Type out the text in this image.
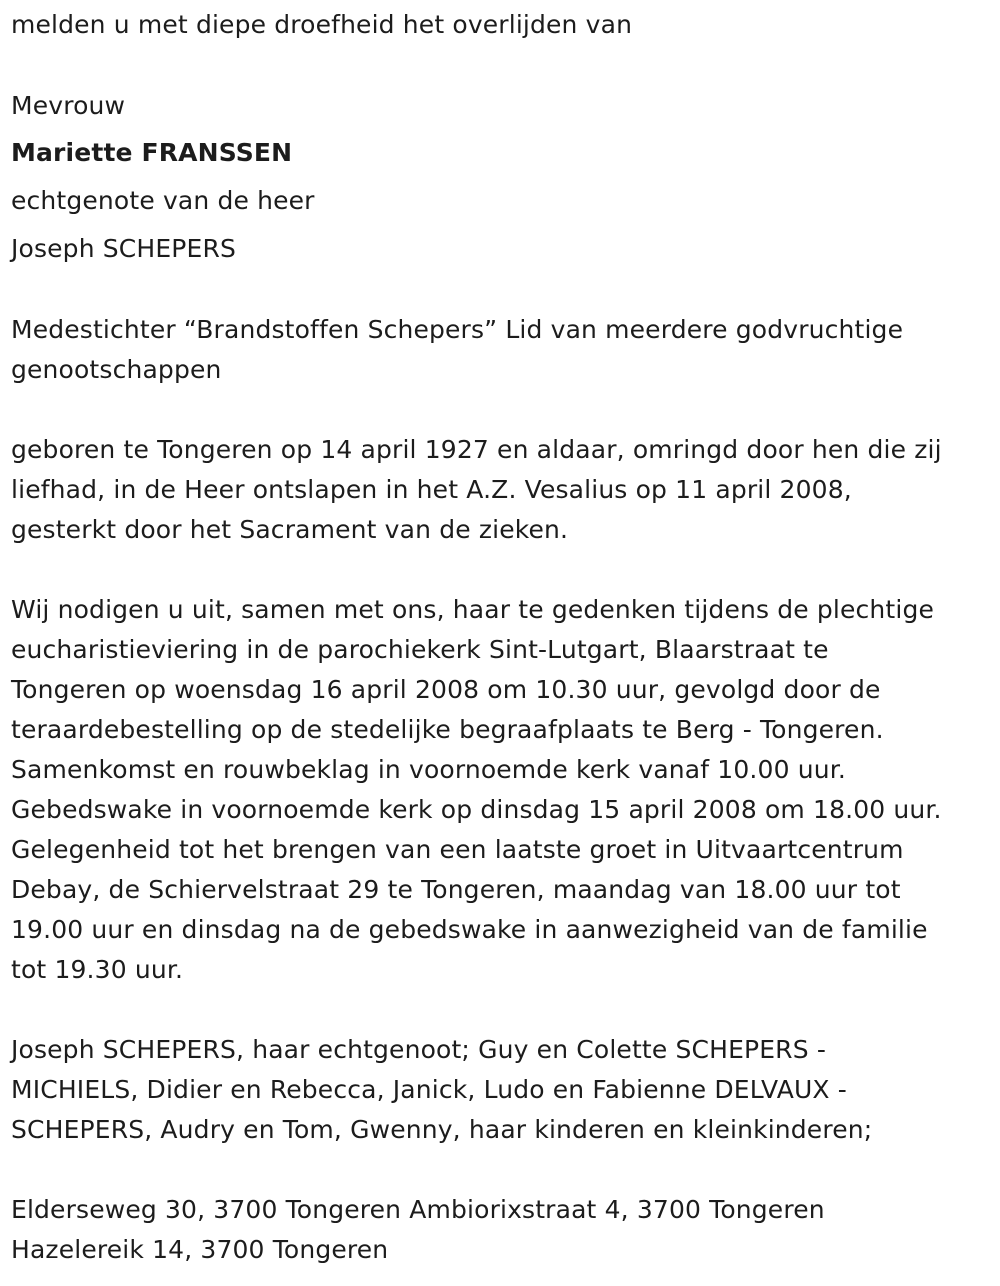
melden u met diepe droefheid het overlijden van
Mevrouw
Mariette FRANSSEN
echtgenote van de heer
Joseph SCHEPERS
Medestichter “Brandstoffen Schepers” Lid van meerdere godvruchtige
genootschappen
geboren te Tongeren op 14 april 1927 en aldaar, omringd door hen die zij
liefhad, in de Heer ontslapen in het A.Z. Vesalius op 11 april 2008,
gesterkt door het Sacrament van de zieken.
Wij nodigen u uit, samen met ons, haar te gedenken tijdens de plechtige
eucharistieviering in de parochiekerk Sint-Lutgart, Blaarstraat te
Tongeren op woensdag 16 april 2008 om 10.30 uur, gevolgd door de
teraardebestelling op de stedelijke begraafplaats te Berg - Tongeren.
Samenkomst en rouwbeklag in voornoemde kerk vanaf 10.00 uur.
Gebedswake in voornoemde kerk op dinsdag 15 april 2008 om 18.00 uur.
Gelegenheid tot het brengen van een laatste groet in Uitvaartcentrum
Debay, de Schiervelstraat 29 te Tongeren, maandag van 18.00 uur tot
19.00 uur en dinsdag na de gebedswake in aanwezigheid van de familie
tot 19.30 uur.
Joseph SCHEPERS, haar echtgenoot; Guy en Colette SCHEPERS -
MICHIELS, Didier en Rebecca, Janick, Ludo en Fabienne DELVAUX -
SCHEPERS, Audry en Tom, Gwenny, haar kinderen en kleinkinderen;
Elderseweg 30, 3700 Tongeren Ambiorixstraat 4, 3700 Tongeren
Hazelereik 14, 3700 Tongeren
